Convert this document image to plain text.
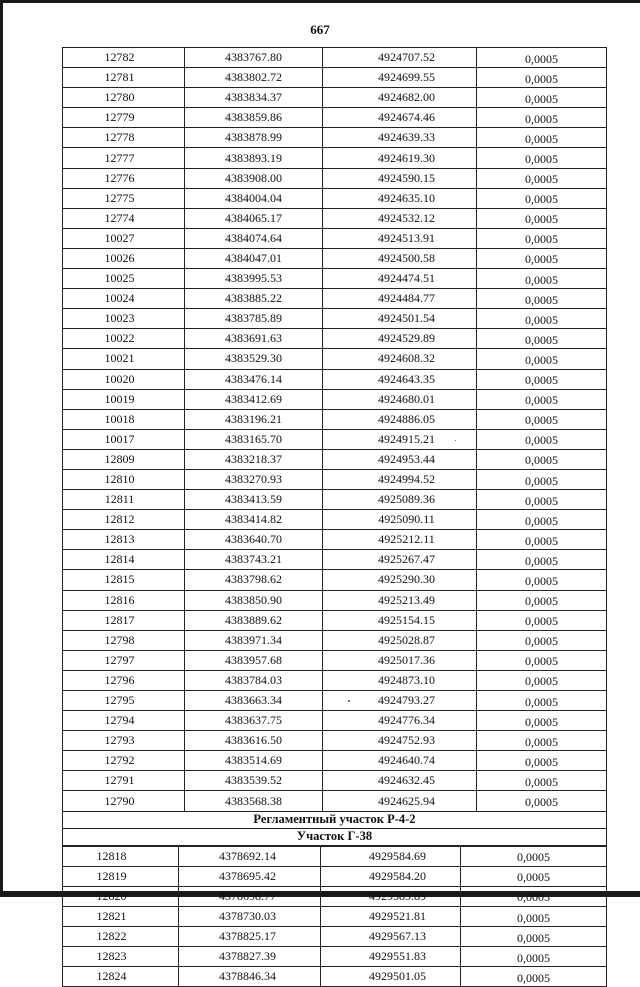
667
12782	4383767.80	4924707.52	0,0005
12781	4383802.72	4924699.55	0,0005
12780	4383834.37	4924682.00	0,0005
12779	4383859.86	4924674.46	0,0005
12778	4383878.99	4924639.33	0,0005
12777	4383893.19	4924619.30	0,0005
12776	4383908.00	4924590.15	0,0005
12775	4384004.04	4924635.10	0,0005
12774	4384065.17	4924532.12	0,0005
10027	4384074.64	4924513.91	0,0005
10026	4384047.01	4924500.58	0,0005
10025	4383995.53	4924474.51	0,0005
10024	4383885.22	4924484.77	0,0005
10023	4383785.89	4924501.54	0,0005
10022	4383691.63	4924529.89	0,0005
10021	4383529.30	4924608.32	0,0005
10020	4383476.14	4924643.35	0,0005
10019	4383412.69	4924680.01	0,0005
10018	4383196.21	4924886.05	0,0005
10017	4383165.70	4924915.21	0,0005
12809	4383218.37	4924953.44	0,0005
12810	4383270.93	4924994.52	0,0005
12811	4383413.59	4925089.36	0,0005
12812	4383414.82	4925090.11	0,0005
12813	4383640.70	4925212.11	0,0005
12814	4383743.21	4925267.47	0,0005
12815	4383798.62	4925290.30	0,0005
12816	4383850.90	4925213.49	0,0005
12817	4383889.62	4925154.15	0,0005
12798	4383971.34	4925028.87	0,0005
12797	4383957.68	4925017.36	0,0005
12796	4383784.03	4924873.10	0,0005
12795	4383663.34	4924793.27	0,0005
12794	4383637.75	4924776.34	0,0005
12793	4383616.50	4924752.93	0,0005
12792	4383514.69	4924640.74	0,0005
12791	4383539.52	4924632.45	0,0005
12790	4383568.38	4924625.94	0,0005
Регламентный участок Р-4-2			
Участок Г-38			
12818	4378692.14	4929584.69	0,0005
12819	4378695.42	4929584.20	0,0005
12820	4378698.77	4929585.89	0,0005
12821	4378730.03	4929521.81	0,0005
12822	4378825.17	4929567.13	0,0005
12823	4378827.39	4929551.83	0,0005
12824	4378846.34	4929501.05	0,0005
